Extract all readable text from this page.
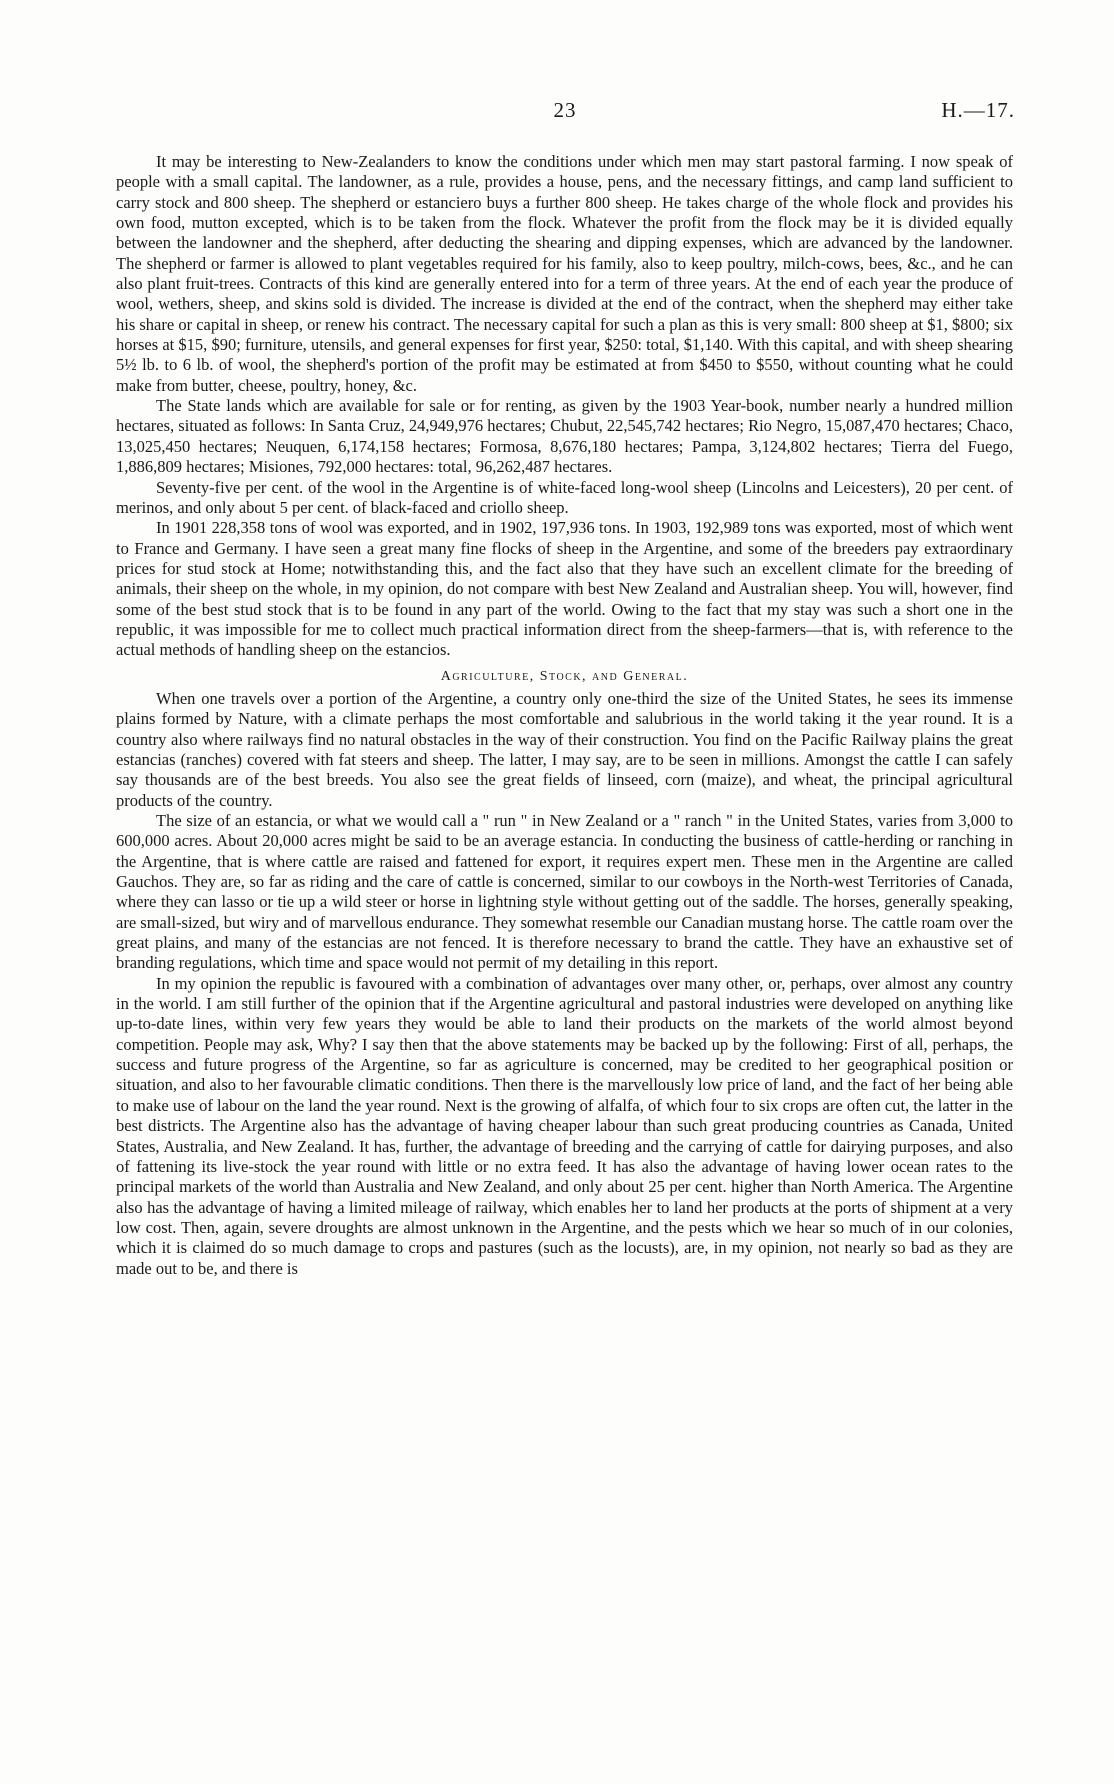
23	H.—17.

It may be interesting to New-Zealanders to know the conditions under which men may start pastoral farming. I now speak of people with a small capital. The landowner, as a rule, provides a house, pens, and the necessary fittings, and camp land sufficient to carry stock and 800 sheep. The shepherd or estanciero buys a further 800 sheep. He takes charge of the whole flock and provides his own food, mutton excepted, which is to be taken from the flock. Whatever the profit from the flock may be it is divided equally between the landowner and the shepherd, after deducting the shearing and dipping expenses, which are advanced by the landowner. The shepherd or farmer is allowed to plant vegetables required for his family, also to keep poultry, milch-cows, bees, &c., and he can also plant fruit-trees. Contracts of this kind are generally entered into for a term of three years. At the end of each year the produce of wool, wethers, sheep, and skins sold is divided. The increase is divided at the end of the contract, when the shepherd may either take his share or capital in sheep, or renew his contract. The necessary capital for such a plan as this is very small: 800 sheep at $1, $800; six horses at $15, $90; furniture, utensils, and general expenses for first year, $250: total, $1,140. With this capital, and with sheep shearing 5½ lb. to 6 lb. of wool, the shepherd's portion of the profit may be estimated at from $450 to $550, without counting what he could make from butter, cheese, poultry, honey, &c.

The State lands which are available for sale or for renting, as given by the 1903 Year-book, number nearly a hundred million hectares, situated as follows: In Santa Cruz, 24,949,976 hectares; Chubut, 22,545,742 hectares; Rio Negro, 15,087,470 hectares; Chaco, 13,025,450 hectares; Neuquen, 6,174,158 hectares; Formosa, 8,676,180 hectares; Pampa, 3,124,802 hectares; Tierra del Fuego, 1,886,809 hectares; Misiones, 792,000 hectares: total, 96,262,487 hectares.

Seventy-five per cent. of the wool in the Argentine is of white-faced long-wool sheep (Lincolns and Leicesters), 20 per cent. of merinos, and only about 5 per cent. of black-faced and criollo sheep.

In 1901 228,358 tons of wool was exported, and in 1902, 197,936 tons. In 1903, 192,989 tons was exported, most of which went to France and Germany. I have seen a great many fine flocks of sheep in the Argentine, and some of the breeders pay extraordinary prices for stud stock at Home; notwithstanding this, and the fact also that they have such an excellent climate for the breeding of animals, their sheep on the whole, in my opinion, do not compare with best New Zealand and Australian sheep. You will, however, find some of the best stud stock that is to be found in any part of the world. Owing to the fact that my stay was such a short one in the republic, it was impossible for me to collect much practical information direct from the sheep-farmers—that is, with reference to the actual methods of handling sheep on the estancios.

Agriculture, Stock, and General.

When one travels over a portion of the Argentine, a country only one-third the size of the United States, he sees its immense plains formed by Nature, with a climate perhaps the most comfortable and salubrious in the world taking it the year round. It is a country also where railways find no natural obstacles in the way of their construction. You find on the Pacific Railway plains the great estancias (ranches) covered with fat steers and sheep. The latter, I may say, are to be seen in millions. Amongst the cattle I can safely say thousands are of the best breeds. You also see the great fields of linseed, corn (maize), and wheat, the principal agricultural products of the country.

The size of an estancia, or what we would call a " run " in New Zealand or a " ranch " in the United States, varies from 3,000 to 600,000 acres. About 20,000 acres might be said to be an average estancia. In conducting the business of cattle-herding or ranching in the Argentine, that is where cattle are raised and fattened for export, it requires expert men. These men in the Argentine are called Gauchos. They are, so far as riding and the care of cattle is concerned, similar to our cowboys in the North-west Territories of Canada, where they can lasso or tie up a wild steer or horse in lightning style without getting out of the saddle. The horses, generally speaking, are small-sized, but wiry and of marvellous endurance. They somewhat resemble our Canadian mustang horse. The cattle roam over the great plains, and many of the estancias are not fenced. It is therefore necessary to brand the cattle. They have an exhaustive set of branding regulations, which time and space would not permit of my detailing in this report.

In my opinion the republic is favoured with a combination of advantages over many other, or, perhaps, over almost any country in the world. I am still further of the opinion that if the Argentine agricultural and pastoral industries were developed on anything like up-to-date lines, within very few years they would be able to land their products on the markets of the world almost beyond competition. People may ask, Why? I say then that the above statements may be backed up by the following: First of all, perhaps, the success and future progress of the Argentine, so far as agriculture is concerned, may be credited to her geographical position or situation, and also to her favourable climatic conditions. Then there is the marvellously low price of land, and the fact of her being able to make use of labour on the land the year round. Next is the growing of alfalfa, of which four to six crops are often cut, the latter in the best districts. The Argentine also has the advantage of having cheaper labour than such great producing countries as Canada, United States, Australia, and New Zealand. It has, further, the advantage of breeding and the carrying of cattle for dairying purposes, and also of fattening its live-stock the year round with little or no extra feed. It has also the advantage of having lower ocean rates to the principal markets of the world than Australia and New Zealand, and only about 25 per cent. higher than North America. The Argentine also has the advantage of having a limited mileage of railway, which enables her to land her products at the ports of shipment at a very low cost. Then, again, severe droughts are almost unknown in the Argentine, and the pests which we hear so much of in our colonies, which it is claimed do so much damage to crops and pastures (such as the locusts), are, in my opinion, not nearly so bad as they are made out to be, and there is
